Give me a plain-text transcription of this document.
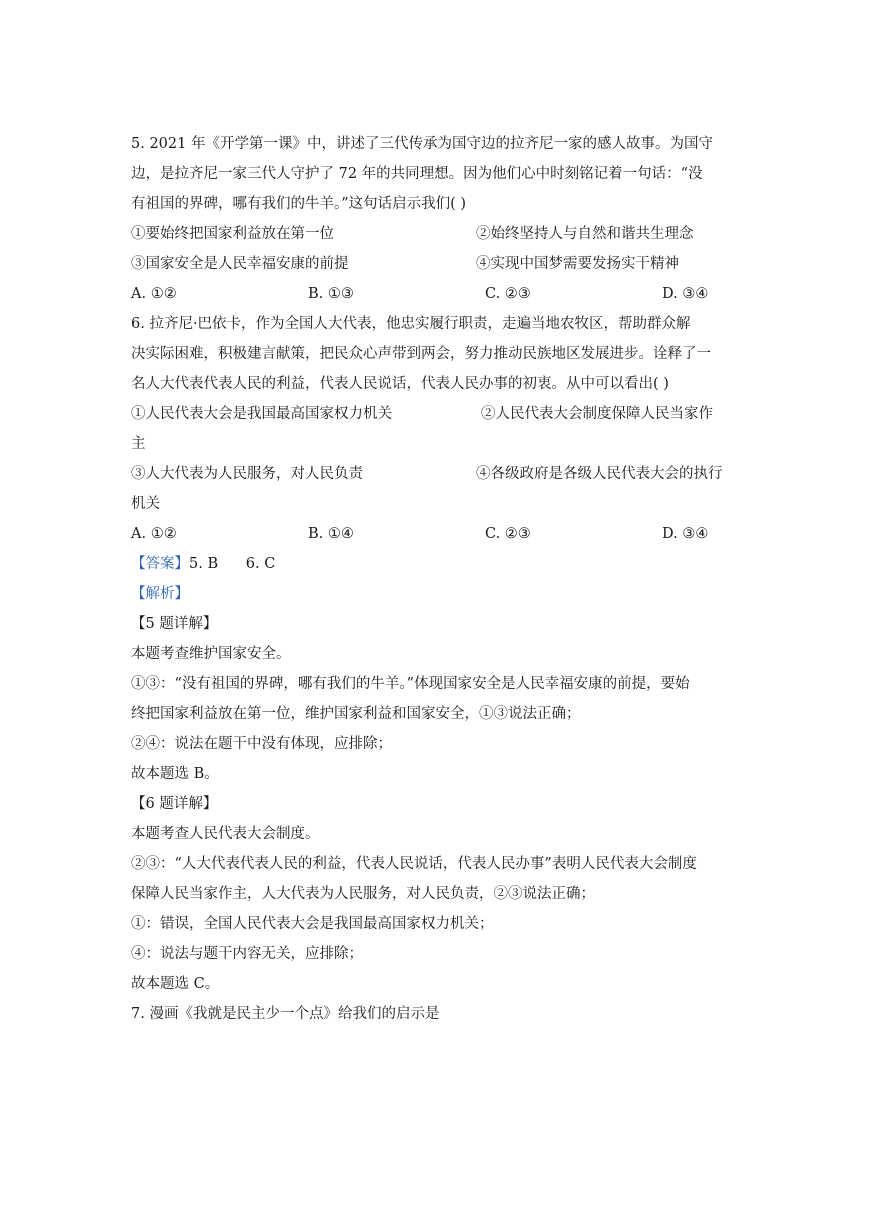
5. 2021 年《开学第一课》中，讲述了三代传承为国守边的拉齐尼一家的感人故事。为国守
边，是拉齐尼一家三代人守护了 72 年的共同理想。因为他们心中时刻铭记着一句话：“没
有祖国的界碑，哪有我们的牛羊。”这句话启示我们( )
①要始终把国家利益放在第一位	②始终坚持人与自然和谐共生理念
③国家安全是人民幸福安康的前提	④实现中国梦需要发扬实干精神
A. ①②	B. ①③	C. ②③	D. ③④
6. 拉齐尼·巴依卡，作为全国人大代表，他忠实履行职责，走遍当地农牧区，帮助群众解
决实际困难，积极建言献策，把民众心声带到两会，努力推动民族地区发展进步。诠释了一
名人大代表代表人民的利益，代表人民说话，代表人民办事的初衷。从中可以看出( )
①人民代表大会是我国最高国家权力机关	②人民代表大会制度保障人民当家作
主
③人大代表为人民服务，对人民负责	④各级政府是各级人民代表大会的执行
机关
A. ①②	B. ①④	C. ②③	D. ③④
【答案】5. B      6. C
【解析】
【5 题详解】
本题考查维护国家安全。
①③：“没有祖国的界碑，哪有我们的牛羊。”体现国家安全是人民幸福安康的前提，要始
终把国家利益放在第一位，维护国家利益和国家安全，①③说法正确；
②④：说法在题干中没有体现，应排除；
故本题选 B。
【6 题详解】
本题考查人民代表大会制度。
②③：“人大代表代表人民的利益，代表人民说话，代表人民办事”表明人民代表大会制度
保障人民当家作主，人大代表为人民服务，对人民负责，②③说法正确；
①：错误，全国人民代表大会是我国最高国家权力机关；
④：说法与题干内容无关，应排除；
故本题选 C。
7. 漫画《我就是民主少一个点》给我们的启示是
